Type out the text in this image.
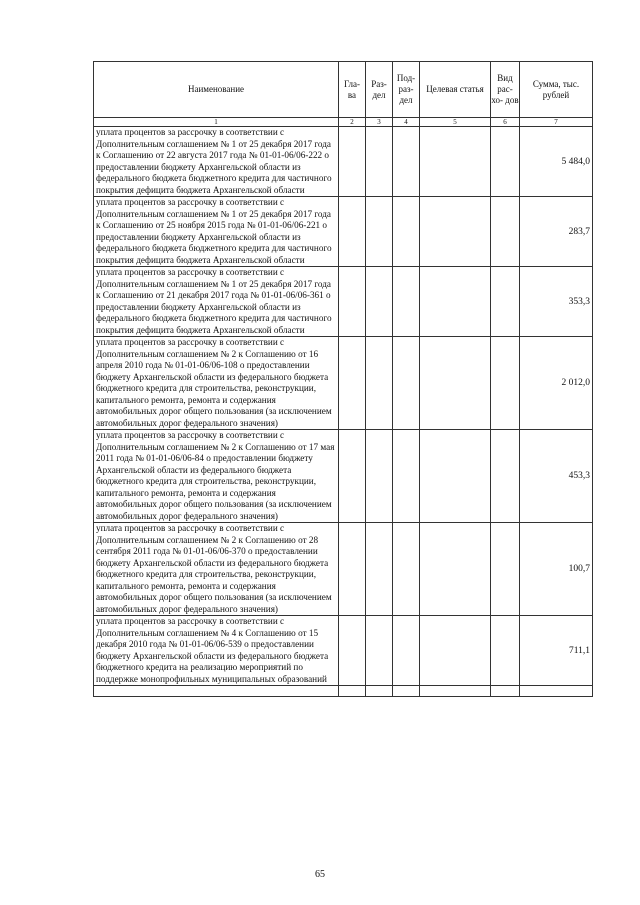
Наименование	Гла- ва	Раз- дел	Под- раз- дел	Целевая статья	Вид рас- хо- дов	Сумма, тыс. рублей
1	2	3	4	5	6	7
уплата процентов за рассрочку в соответствии с Дополнительным соглашением № 1 от 25 декабря 2017 года к Соглашению от 22 августа 2017 года № 01-01-06/06-222 о предоставлении бюджету Архангельской области из федерального бюджета бюджетного кредита для частичного покрытия дефицита бюджета Архангельской области						5 484,0
уплата процентов за рассрочку в соответствии с Дополнительным соглашением № 1 от 25 декабря 2017 года к Соглашению от 25 ноября 2015 года № 01-01-06/06-221 о предоставлении бюджету Архангельской области из федерального бюджета бюджетного кредита для частичного покрытия дефицита бюджета Архангельской области						283,7
уплата процентов за рассрочку в соответствии с Дополнительным соглашением № 1 от 25 декабря 2017 года к Соглашению от 21 декабря 2017 года № 01-01-06/06-361 о предоставлении бюджету Архангельской области из федерального бюджета бюджетного кредита для частичного покрытия дефицита бюджета Архангельской области						353,3
уплата процентов за рассрочку в соответствии с Дополнительным соглашением № 2 к Соглашению от 16 апреля 2010 года № 01-01-06/06-108 о предоставлении бюджету Архангельской области из федерального бюджета бюджетного кредита для строительства, реконструкции, капитального ремонта, ремонта и содержания автомобильных дорог общего пользования (за исключением автомобильных дорог федерального значения)						2 012,0
уплата процентов за рассрочку в соответствии с Дополнительным соглашением № 2 к Соглашению от 17 мая 2011 года № 01-01-06/06-84 о предоставлении бюджету Архангельской области из федерального бюджета бюджетного кредита для строительства, реконструкции, капитального ремонта, ремонта и содержания автомобильных дорог общего пользования (за исключением автомобильных дорог федерального значения)						453,3
уплата процентов за рассрочку в соответствии с Дополнительным соглашением № 2 к Соглашению от 28 сентября 2011 года № 01-01-06/06-370 о предоставлении бюджету Архангельской области из федерального бюджета бюджетного кредита для строительства, реконструкции, капитального ремонта, ремонта и содержания автомобильных дорог общего пользования (за исключением автомобильных дорог федерального значения)						100,7
уплата процентов за рассрочку в соответствии с Дополнительным соглашением № 4 к Соглашению от 15 декабря 2010 года № 01-01-06/06-539 о предоставлении бюджету Архангельской области из федерального бюджета бюджетного кредита на реализацию мероприятий по поддержке монопрофильных муниципальных образований						711,1

65
